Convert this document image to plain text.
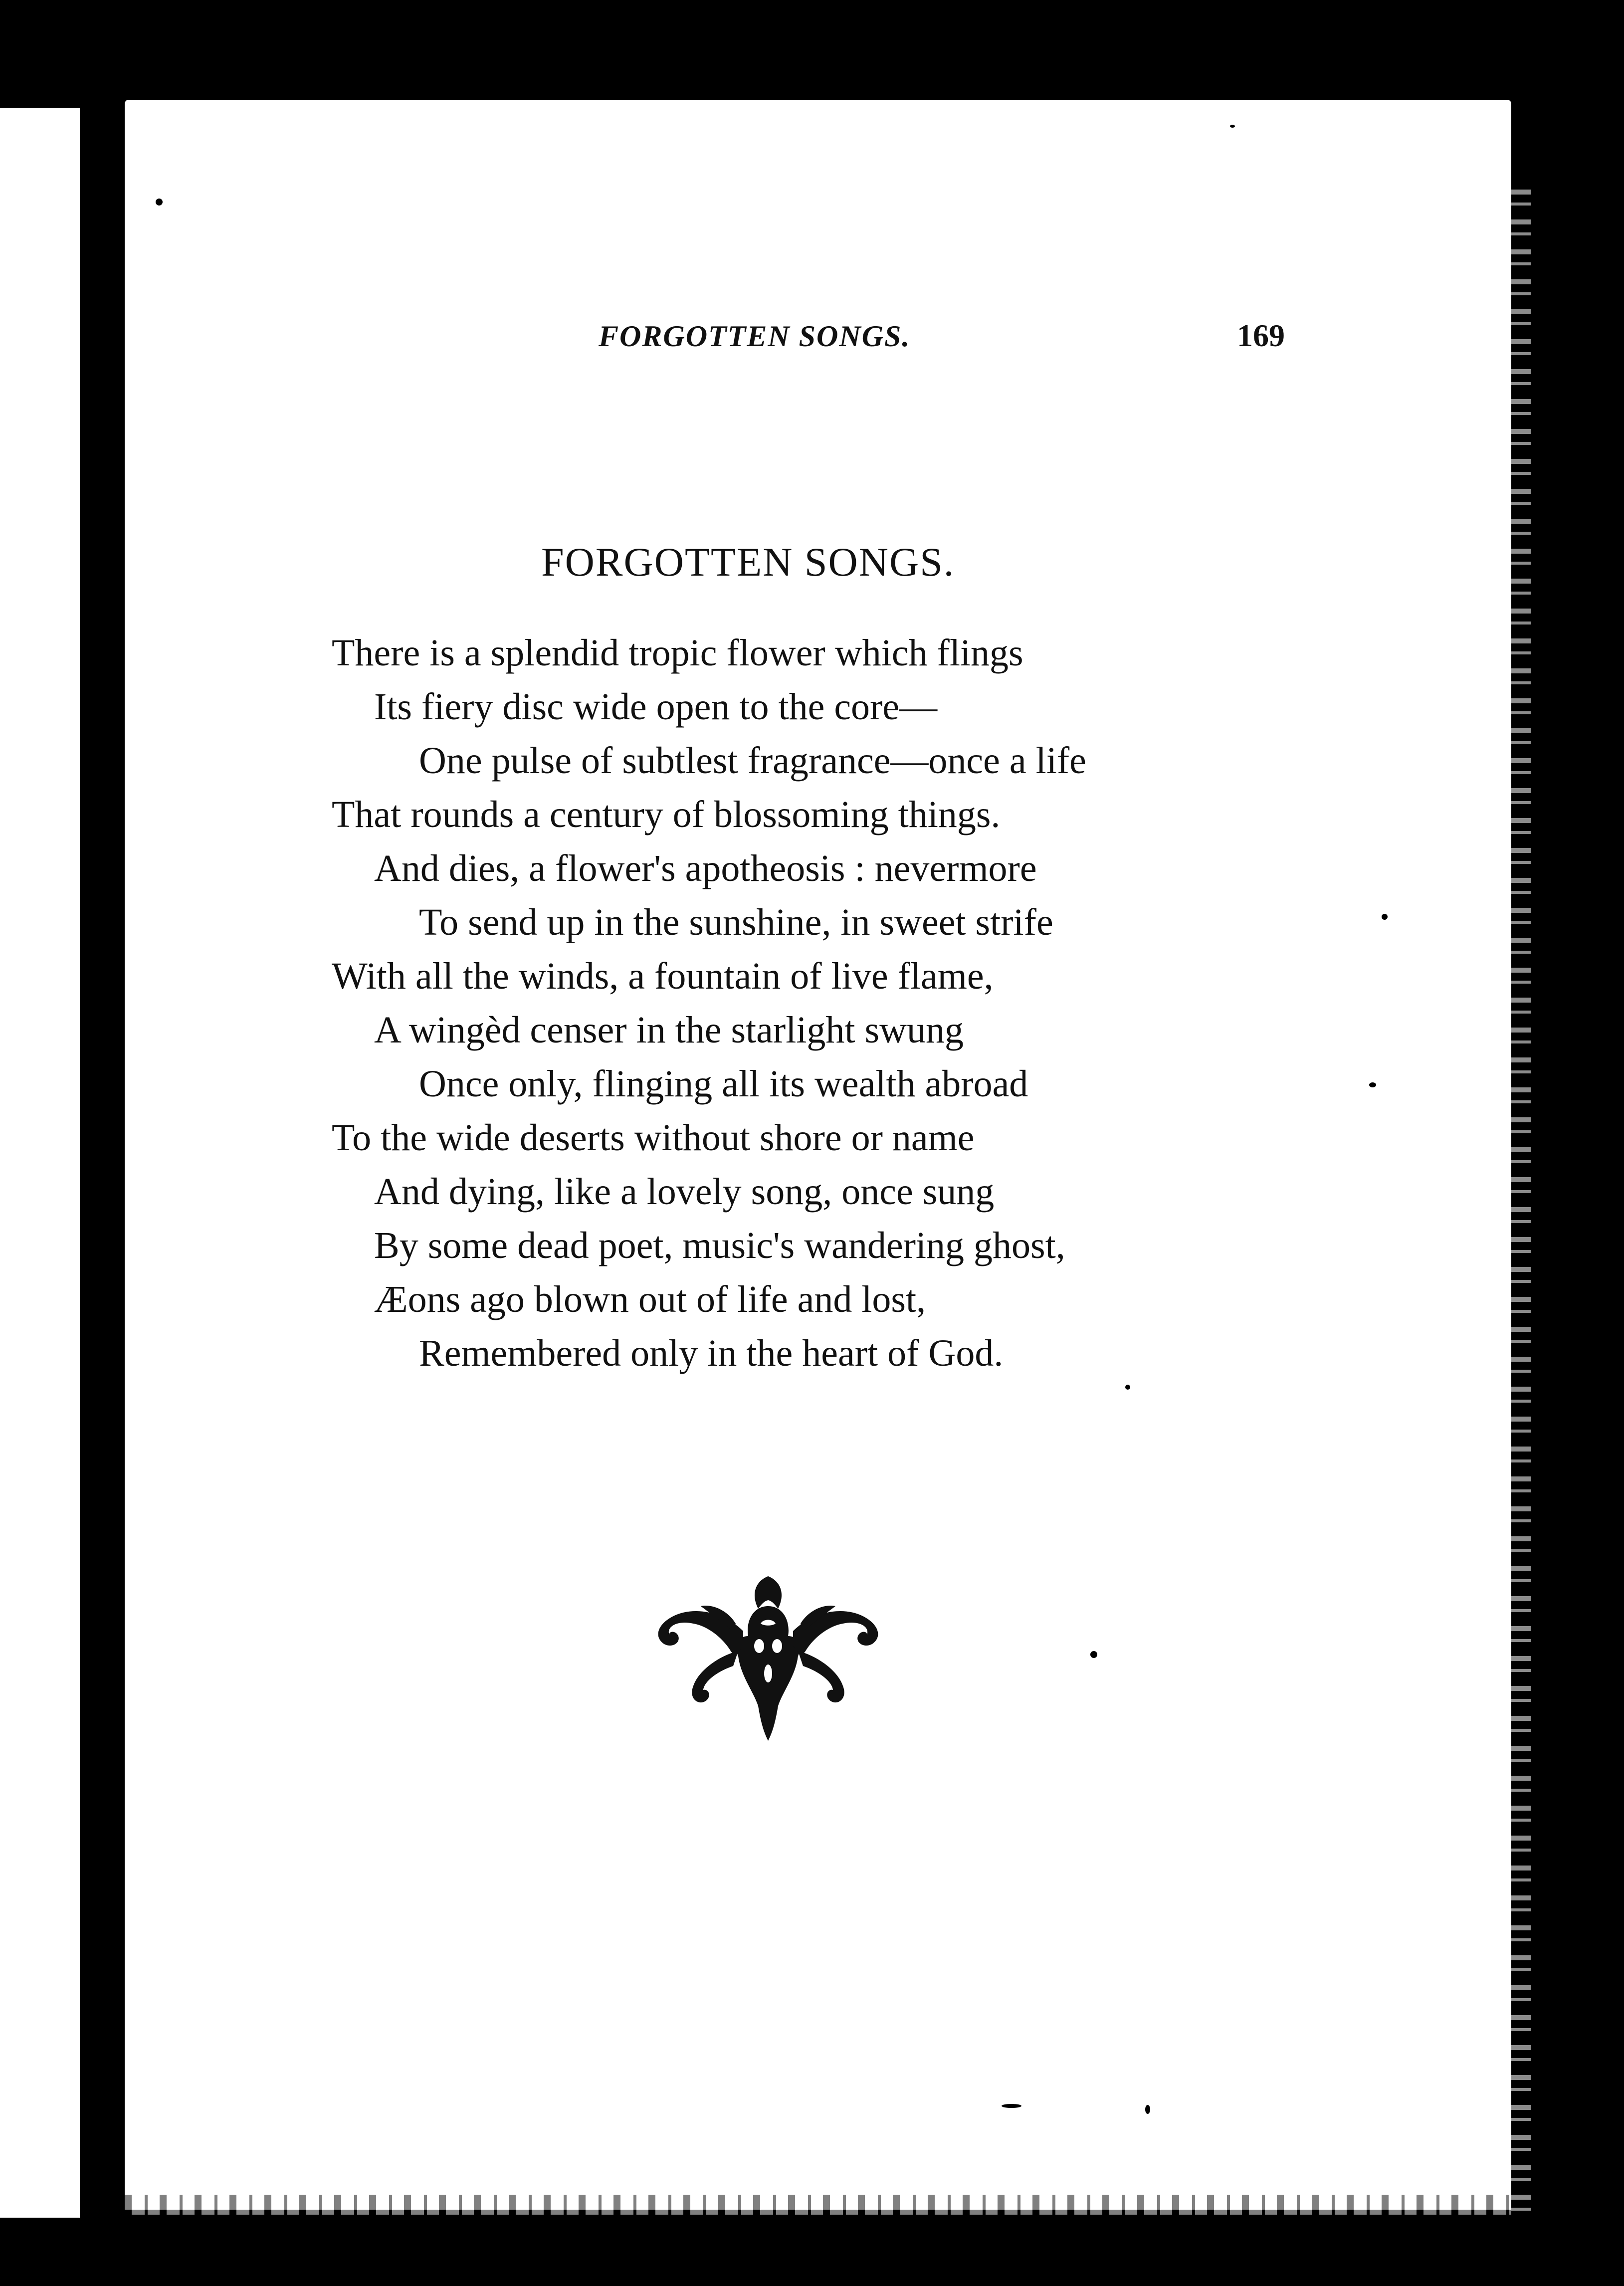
FORGOTTEN SONGS.	169
FORGOTTEN SONGS.
There is a splendid tropic flower which flings
Its fiery disc wide open to the core—
One pulse of subtlest fragrance—once a life
That rounds a century of blossoming things.
And dies, a flower's apotheosis : nevermore
To send up in the sunshine, in sweet strife
With all the winds, a fountain of live flame,
A wingèd censer in the starlight swung
Once only, flinging all its wealth abroad
To the wide deserts without shore or name
And dying, like a lovely song, once sung
By some dead poet, music's wandering ghost,
Æons ago blown out of life and lost,
Remembered only in the heart of God.
